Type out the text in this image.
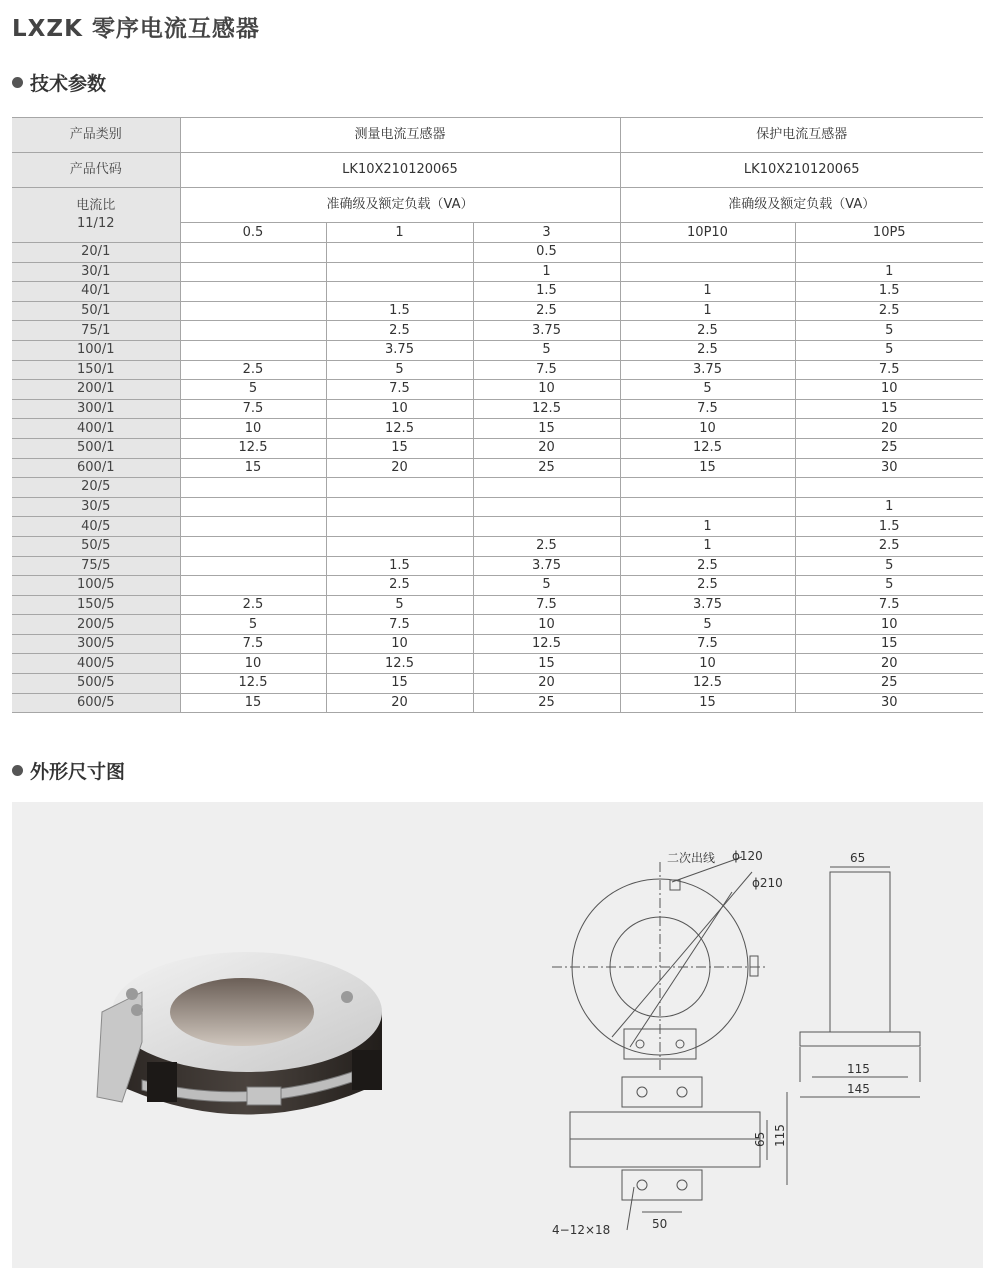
LXZK 零序电流互感器
技术参数
产品类别	测量电流互感器			保护电流互感器	
产品代码	LK10X210120065			LK10X210120065	

电流比
11/12	准确级及额定负载（VA）			准确级及额定负载（VA）	
	0.5	1	3	10P10	10P5
20/1			0.5		
30/1			1		1
40/1			1.5	1	1.5
50/1		1.5	2.5	1	2.5
75/1		2.5	3.75	2.5	5
100/1		3.75	5	2.5	5
150/1	2.5	5	7.5	3.75	7.5
200/1	5	7.5	10	5	10
300/1	7.5	10	12.5	7.5	15
400/1	10	12.5	15	10	20
500/1	12.5	15	20	12.5	25
600/1	15	20	25	15	30
20/5					
30/5					1
40/5				1	1.5
50/5			2.5	1	2.5
75/5		1.5	3.75	2.5	5
100/5		2.5	5	2.5	5
150/5	2.5	5	7.5	3.75	7.5
200/5	5	7.5	10	5	10
300/5	7.5	10	12.5	7.5	15
400/5	10	12.5	15	10	20
500/5	12.5	15	20	12.5	25
600/5	15	20	25	15	30
外形尺寸图
二次出线 ϕ120
ϕ210
65
115
145
65 115
4−12×18	50
